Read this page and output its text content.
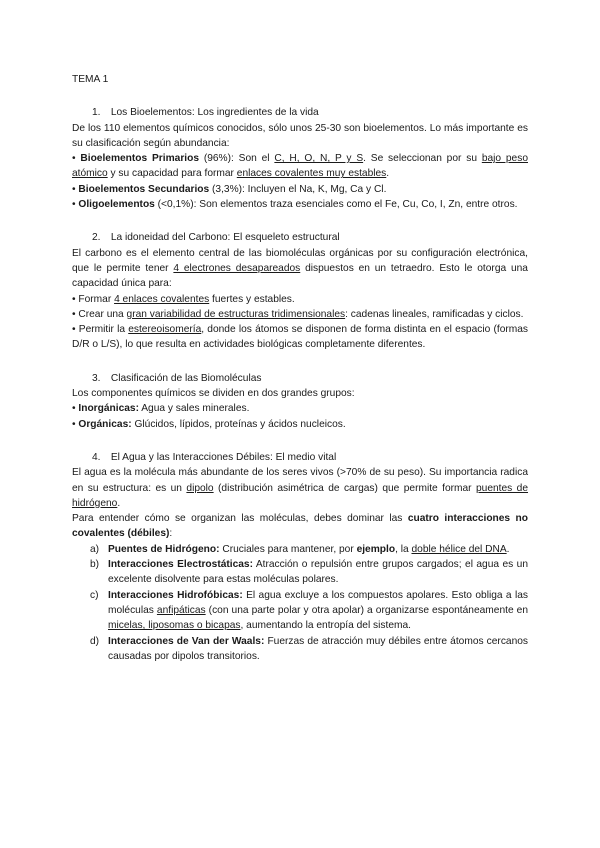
TEMA 1

1. Los Bioelementos: Los ingredientes de la vida

De los 110 elementos químicos conocidos, sólo unos 25-30 son bioelementos. Lo más importante es su clasificación según abundancia:

• Bioelementos Primarios (96%): Son el C, H, O, N, P y S. Se seleccionan por su bajo peso atómico y su capacidad para formar enlaces covalentes muy estables.

• Bioelementos Secundarios (3,3%): Incluyen el Na, K, Mg, Ca y Cl.

• Oligoelementos (<0,1%): Son elementos traza esenciales como el Fe, Cu, Co, I, Zn, entre otros.

2. La idoneidad del Carbono: El esqueleto estructural

El carbono es el elemento central de las biomoléculas orgánicas por su configuración electrónica, que le permite tener 4 electrones desapareados dispuestos en un tetraedro. Esto le otorga una capacidad única para:

• Formar 4 enlaces covalentes fuertes y estables.

• Crear una gran variabilidad de estructuras tridimensionales: cadenas lineales, ramificadas y ciclos.

• Permitir la estereoisomería, donde los átomos se disponen de forma distinta en el espacio (formas D/R o L/S), lo que resulta en actividades biológicas completamente diferentes.

3. Clasificación de las Biomoléculas

Los componentes químicos se dividen en dos grandes grupos:

• Inorgánicas: Agua y sales minerales.

• Orgánicas: Glúcidos, lípidos, proteínas y ácidos nucleicos.

4. El Agua y las Interacciones Débiles: El medio vital

El agua es la molécula más abundante de los seres vivos (>70% de su peso). Su importancia radica en su estructura: es un dipolo (distribución asimétrica de cargas) que permite formar puentes de hidrógeno.

Para entender cómo se organizan las moléculas, debes dominar las cuatro interacciones no covalentes (débiles):

a) Puentes de Hidrógeno: Cruciales para mantener, por ejemplo, la doble hélice del DNA.
b) Interacciones Electrostáticas: Atracción o repulsión entre grupos cargados; el agua es un excelente disolvente para estas moléculas polares.
c) Interacciones Hidrofóbicas: El agua excluye a los compuestos apolares. Esto obliga a las moléculas anfipáticas (con una parte polar y otra apolar) a organizarse espontáneamente en micelas, liposomas o bicapas, aumentando la entropía del sistema.
d) Interacciones de Van der Waals: Fuerzas de atracción muy débiles entre átomos cercanos causadas por dipolos transitorios.
